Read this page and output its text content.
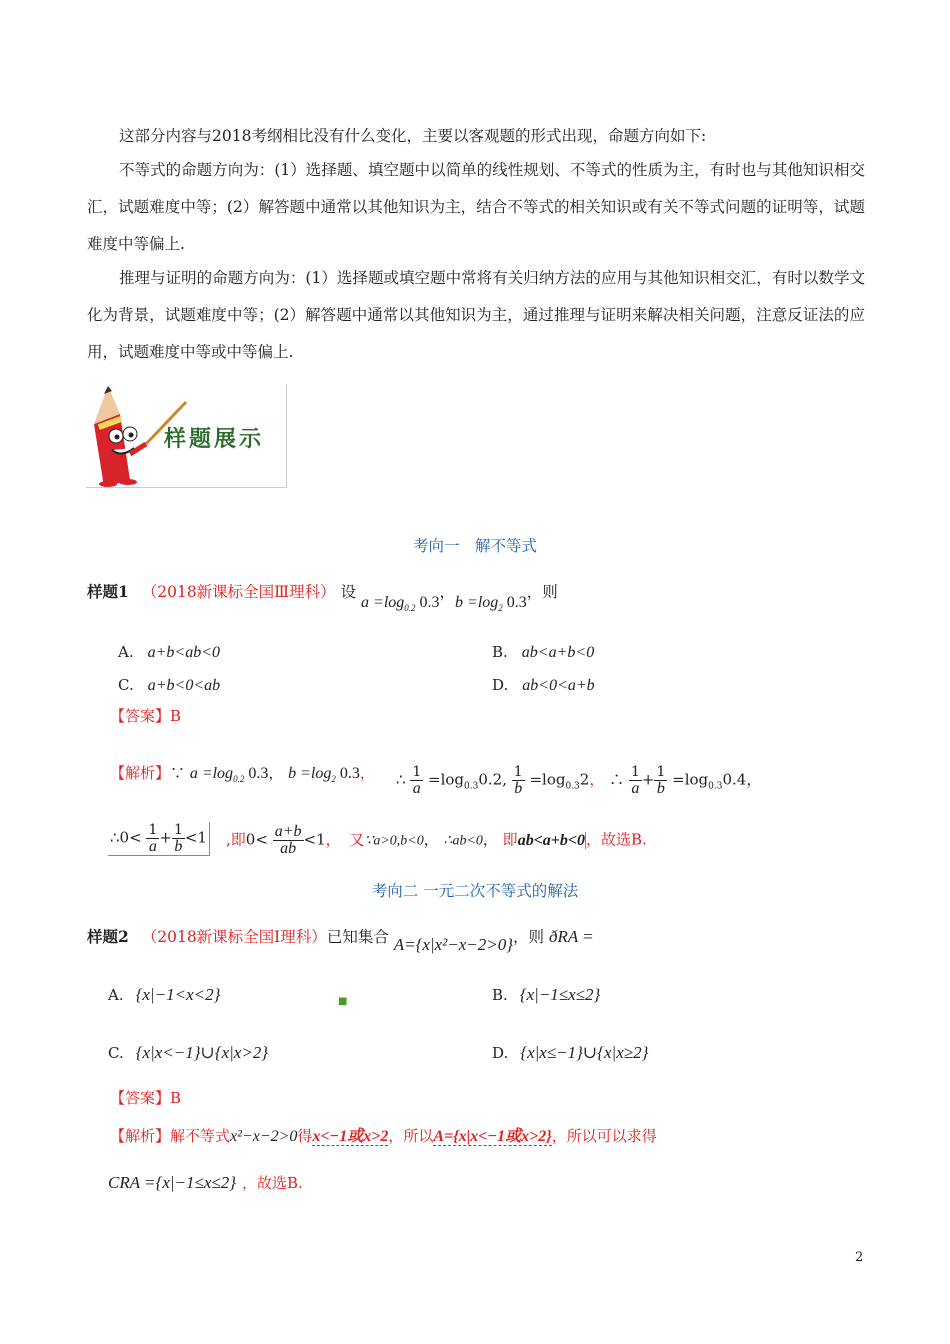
这部分内容与2018考纲相比没有什么变化，主要以客观题的形式出现，命题方向如下:
不等式的命题方向为：(1）选择题、填空题中以简单的线性规划、不等式的性质为主，有时也与其他知识相交汇，试题难度中等；(2）解答题中通常以其他知识为主，结合不等式的相关知识或有关不等式问题的证明等，试题难度中等偏上.
推理与证明的命题方向为：(1）选择题或填空题中常将有关归纳方法的应用与其他知识相交汇，有时以数学文化为背景，试题难度中等；(2）解答题中通常以其他知识为主，通过推理与证明来解决相关问题，注意反证法的应用，试题难度中等或中等偏上.
样题展示
考向一　解不等式
样题1 （2018新课标全国Ⅲ理科） 设 $a =\log_{0.2}$ 0.3，$b =\log_2$ 0.3，则
A. a+b<ab<0	B. ab<a+b<0
C. a+b<0<ab	D. ab<0<a+b
【答案】B
【解析】∵ $a =\log_{0.2}$ 0.3， $b =\log_2$ 0.3， ∴ $\frac{1}{a} =\log_{0.3}0.2$, $\frac{1}{b} =\log_{0.3}2$， ∴ $\frac{1}{a} + \frac{1}{b} =\log_{0.3}0.4$，
∴0< $\frac{1}{a} + \frac{1}{b} <1$ ,即$0< \frac{a+b}{ab} <1$， 又∵a>0,b<0， ∴ab<0， 即ab<a+b<0，故选B.
考向二 一元二次不等式的解法
样题2 （2018新课标全国Ⅰ理科）已知集合 A={x|x²−x−2>0}，则 ðRA =
A. {x|−1<x<2}	■	B. {x|−1≤x≤2}
C. {x|x<−1}∪{x|x>2}	D. {x|x≤−1}∪{x|x≥2}
【答案】B
【解析】解不等式x²−x−2>0得x<−1或x>2，所以A={x|x<−1或x>2}，所以可以求得
CRA ={x|−1≤x≤2} ，故选B.
2
